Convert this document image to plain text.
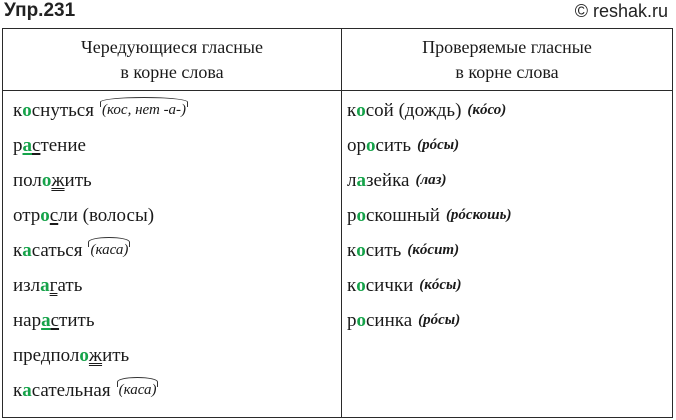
Упр.231	© reshak.ru
Чередующиеся гласные
в корне слова
Проверяемые гласные
в корне слова
коснуться (кос, нет -а-)
растение
положить
отросли (волосы)
касаться (каса)
излагать
нарастить
предположить
касательная (каса)
косой (дождь) (кóсо)
оросить (рóсы)
лазейка (лаз)
роскошный (рóскошь)
косить (кóсит)
косички (кóсы)
росинка (рóсы)
